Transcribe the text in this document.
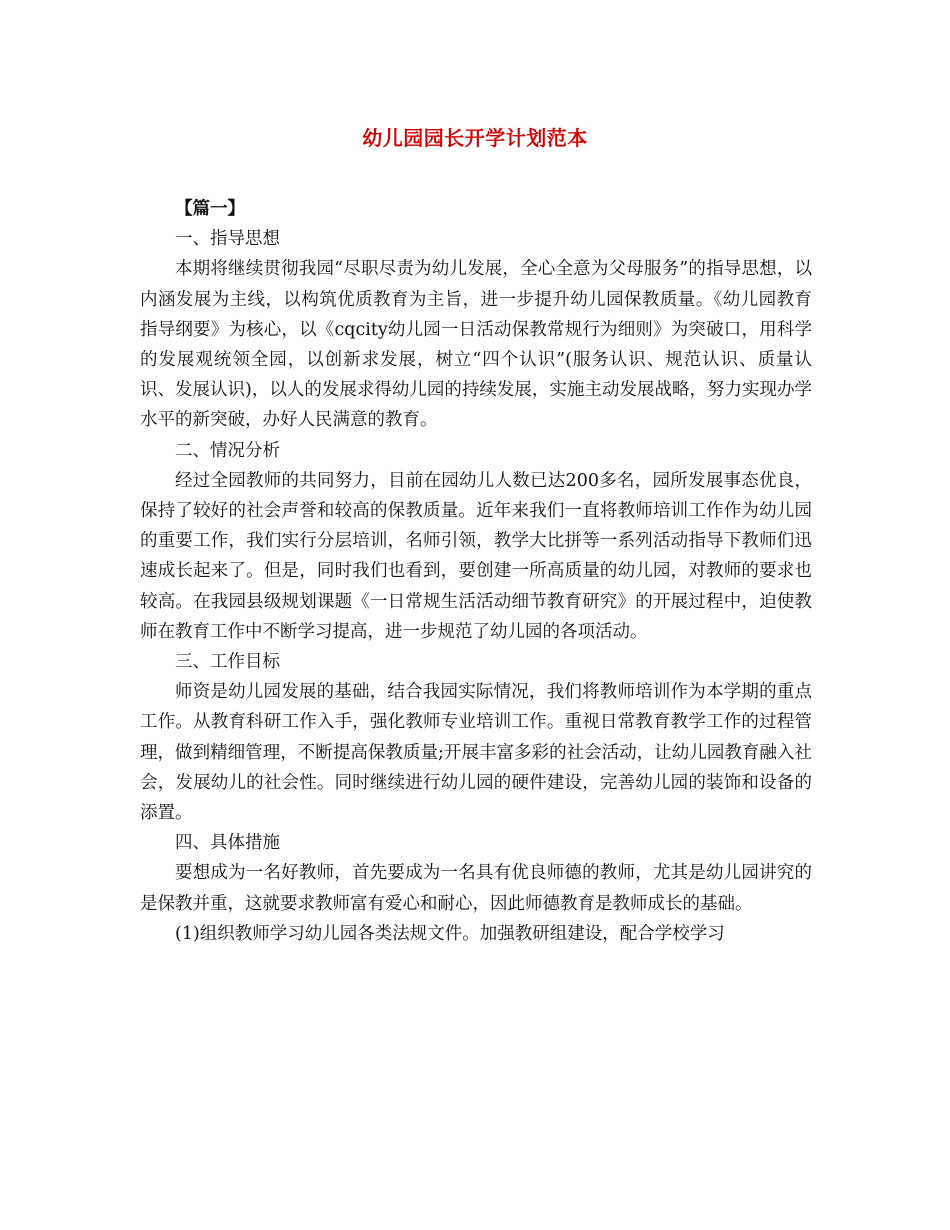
幼儿园园长开学计划范本

【篇一】

一、指导思想

本期将继续贯彻我园“尽职尽责为幼儿发展，全心全意为父母服务”的指导思想，以内涵发展为主线，以构筑优质教育为主旨，进一步提升幼儿园保教质量。《幼儿园教育指导纲要》为核心，以《cqcity幼儿园一日活动保教常规行为细则》为突破口，用科学的发展观统领全园，以创新求发展，树立“四个认识”(服务认识、规范认识、质量认识、发展认识)，以人的发展求得幼儿园的持续发展，实施主动发展战略，努力实现办学水平的新突破，办好人民满意的教育。

二、情况分析

经过全园教师的共同努力，目前在园幼儿人数已达200多名，园所发展事态优良，保持了较好的社会声誉和较高的保教质量。近年来我们一直将教师培训工作作为幼儿园的重要工作，我们实行分层培训，名师引领，教学大比拼等一系列活动指导下教师们迅速成长起来了。但是，同时我们也看到，要创建一所高质量的幼儿园，对教师的要求也较高。在我园县级规划课题《一日常规生活活动细节教育研究》的开展过程中，迫使教师在教育工作中不断学习提高，进一步规范了幼儿园的各项活动。

三、工作目标

师资是幼儿园发展的基础，结合我园实际情况，我们将教师培训作为本学期的重点工作。从教育科研工作入手，强化教师专业培训工作。重视日常教育教学工作的过程管理，做到精细管理，不断提高保教质量;开展丰富多彩的社会活动，让幼儿园教育融入社会，发展幼儿的社会性。同时继续进行幼儿园的硬件建设，完善幼儿园的装饰和设备的添置。

四、具体措施

要想成为一名好教师，首先要成为一名具有优良师德的教师，尤其是幼儿园讲究的是保教并重，这就要求教师富有爱心和耐心，因此师德教育是教师成长的基础。

(1)组织教师学习幼儿园各类法规文件。加强教研组建设，配合学校学习
